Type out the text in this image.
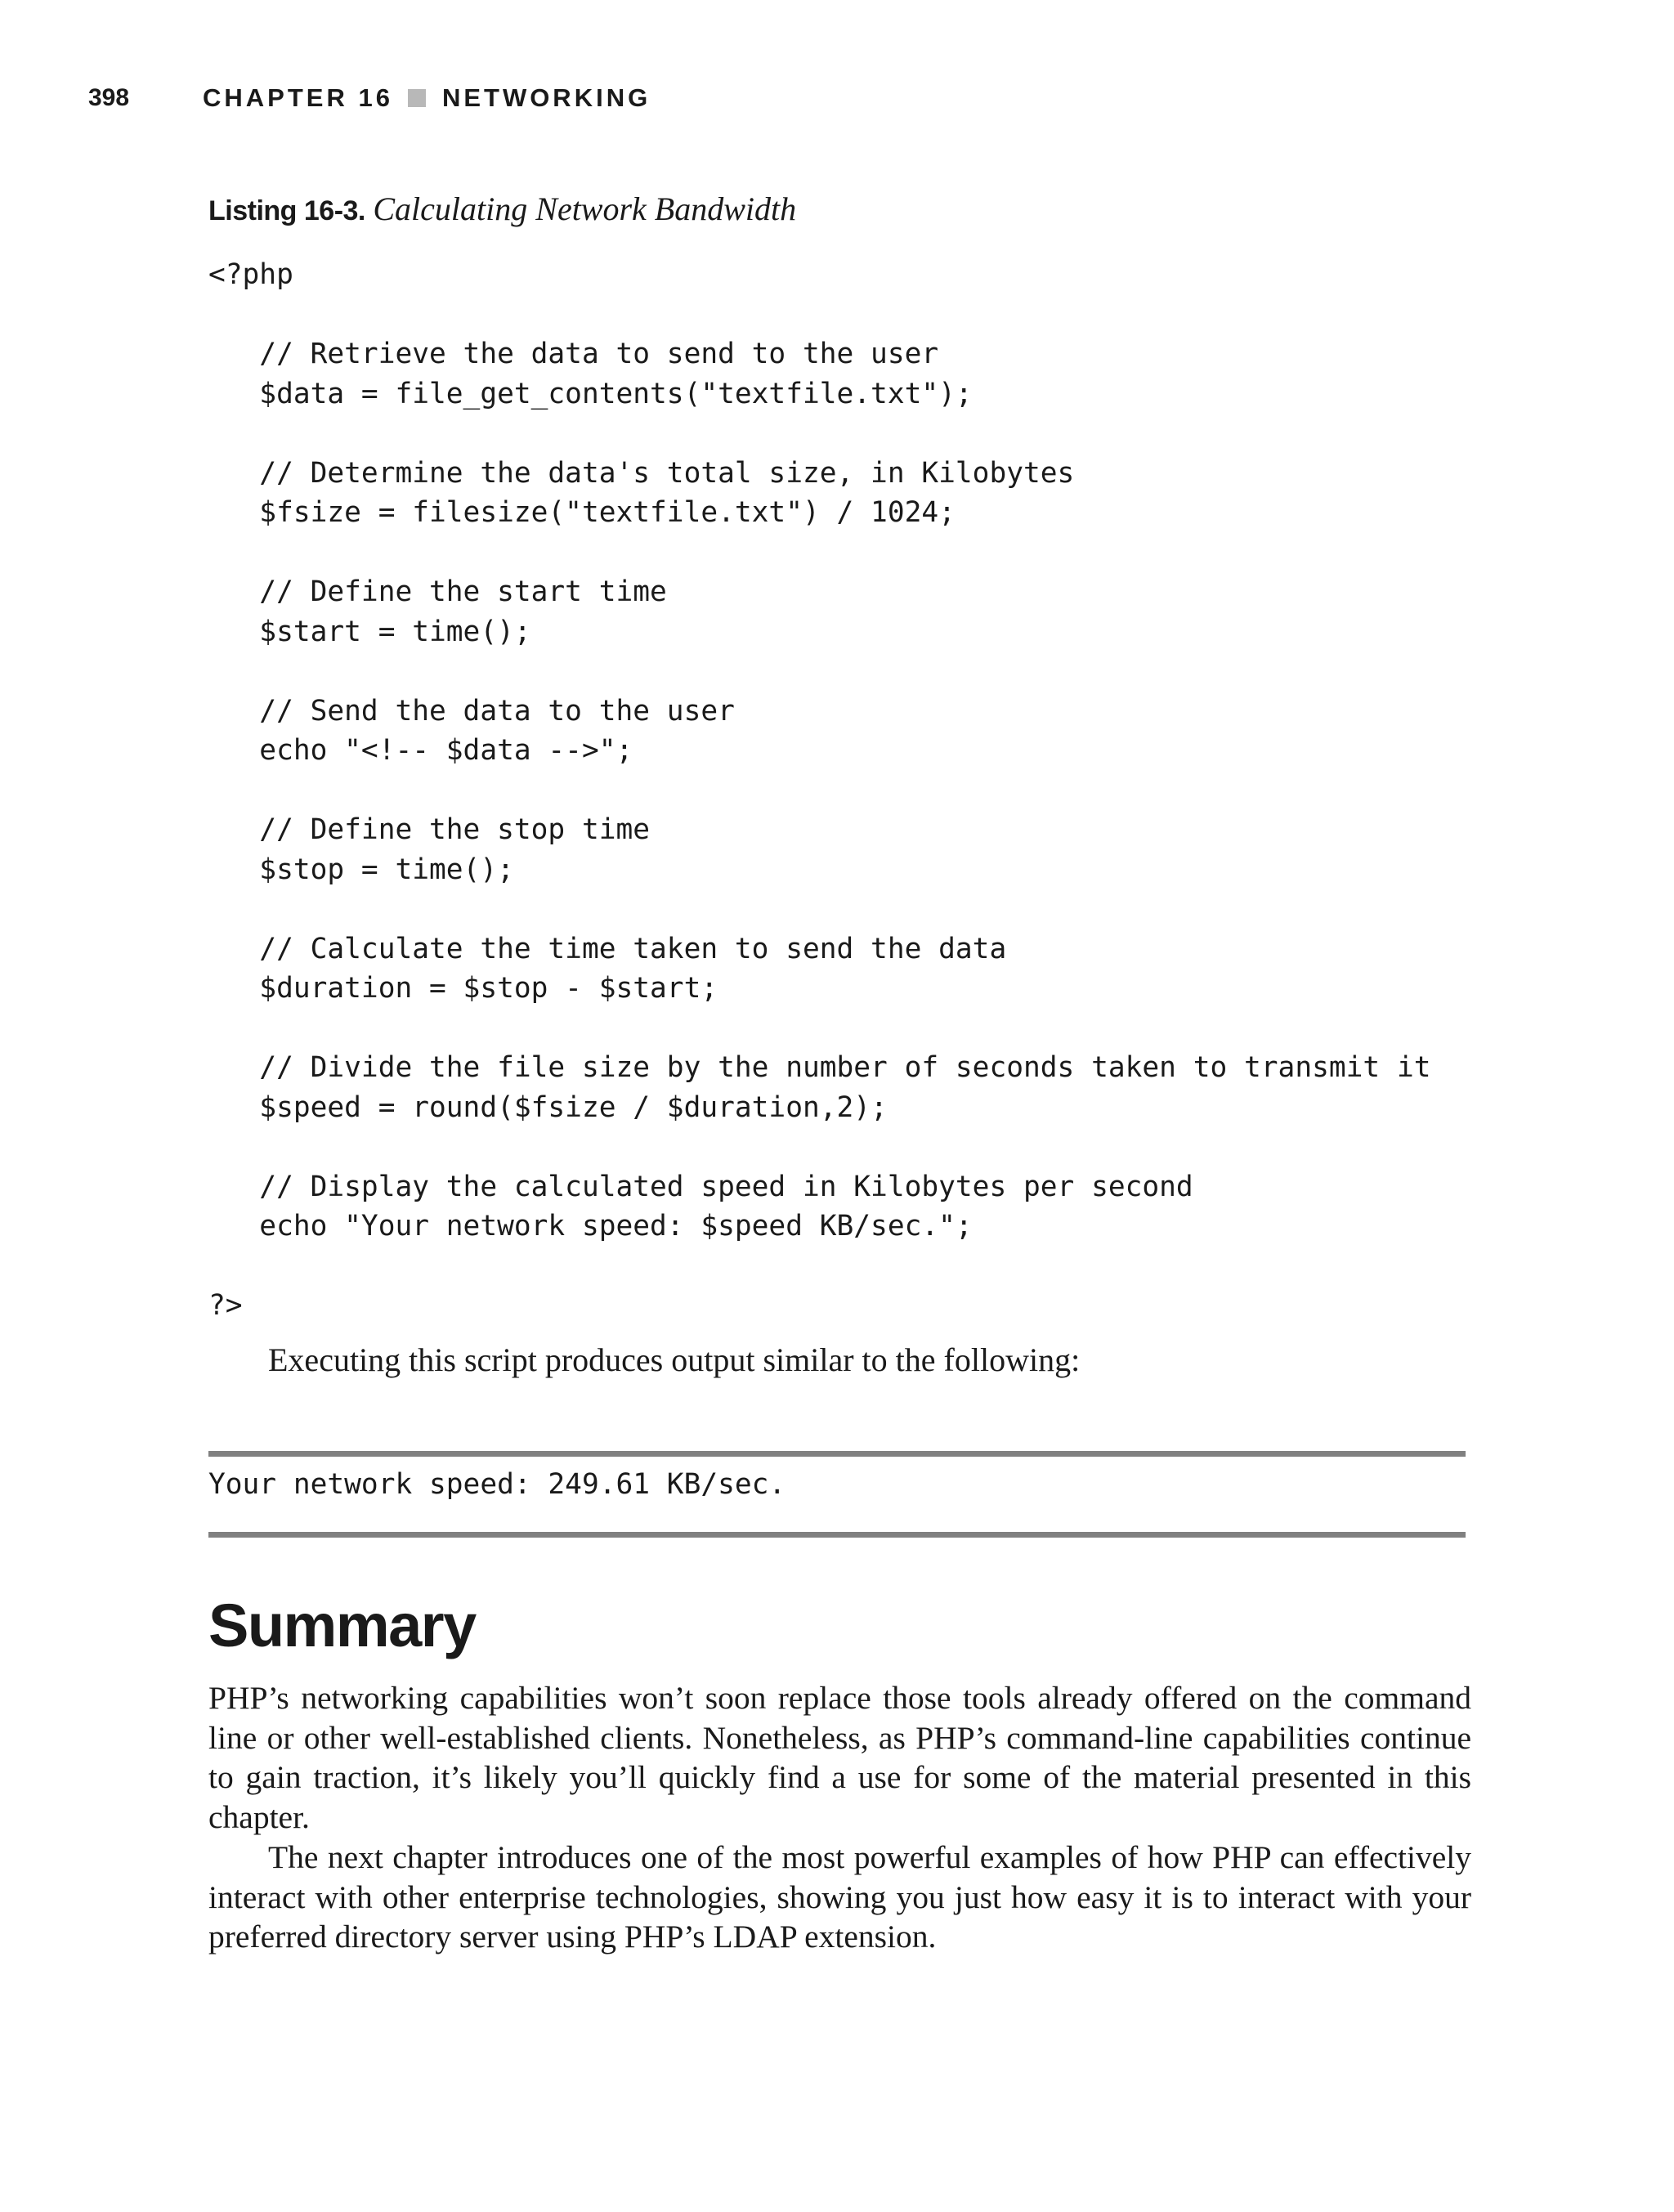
398	CHAPTER 16 NETWORKING
Listing 16-3. Calculating Network Bandwidth
<?php
// Retrieve the data to send to the user
$data = file_get_contents("textfile.txt");
// Determine the data's total size, in Kilobytes
$fsize = filesize("textfile.txt") / 1024;
// Define the start time
$start = time();
// Send the data to the user
echo "<!-- $data -->";
// Define the stop time
$stop = time();
// Calculate the time taken to send the data
$duration = $stop - $start;
// Divide the file size by the number of seconds taken to transmit it
$speed = round($fsize / $duration,2);
// Display the calculated speed in Kilobytes per second
echo "Your network speed: $speed KB/sec.";
?>
Executing this script produces output similar to the following:
Your network speed: 249.61 KB/sec.
Summary

PHP’s networking capabilities won’t soon replace those tools already offered on the command line or other well-established clients. Nonetheless, as PHP’s command-line capabilities continue to gain traction, it’s likely you’ll quickly find a use for some of the material presented in this chapter.

The next chapter introduces one of the most powerful examples of how PHP can effectively interact with other enterprise technologies, showing you just how easy it is to interact with your preferred directory server using PHP’s LDAP extension.
